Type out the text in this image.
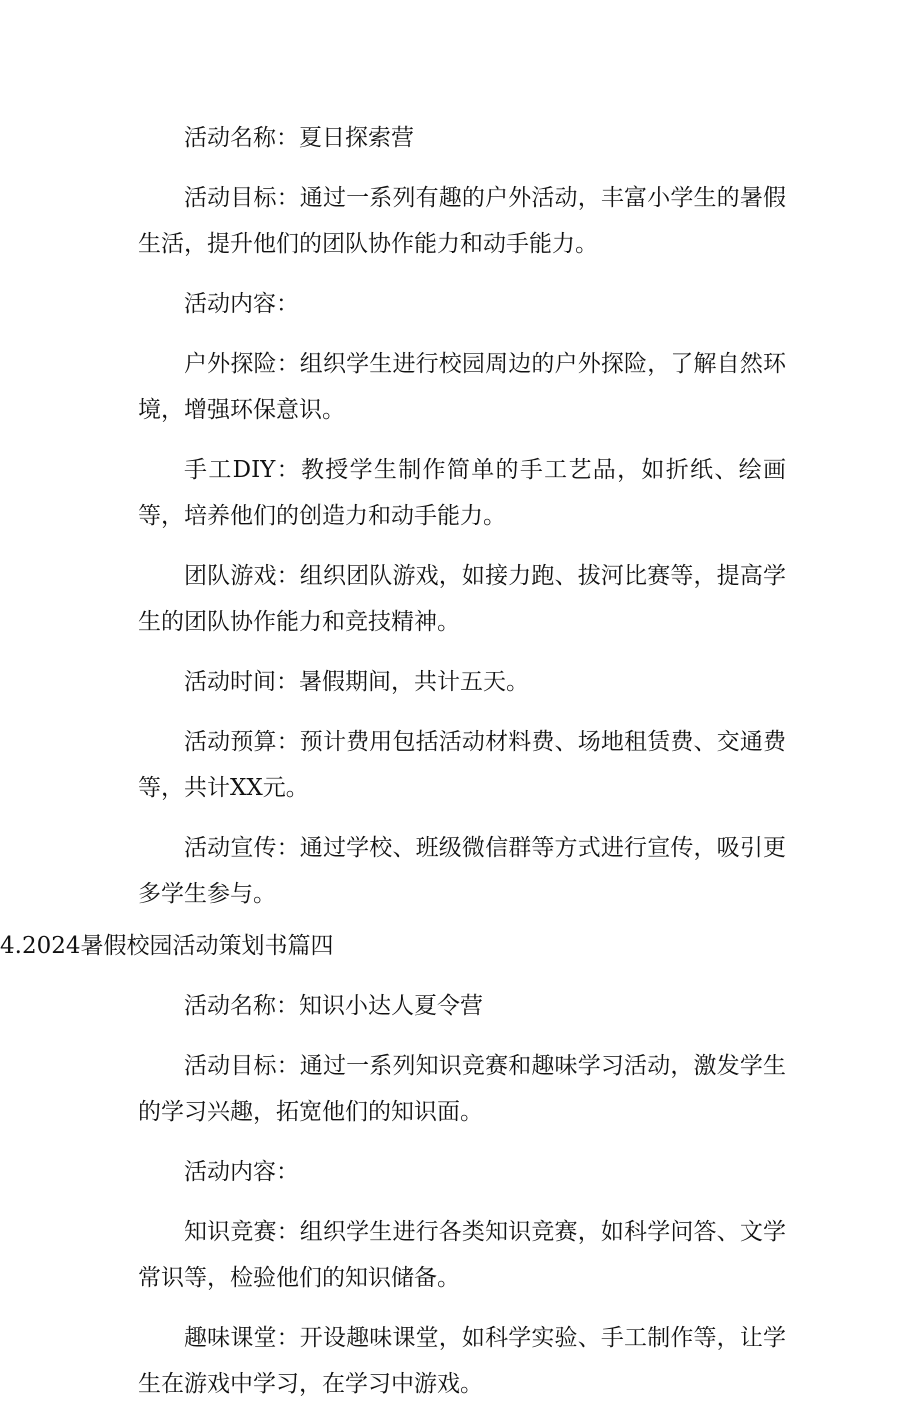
活动名称：夏日探索营

活动目标：通过一系列有趣的户外活动，丰富小学生的暑假生活，提升他们的团队协作能力和动手能力。

活动内容：

户外探险：组织学生进行校园周边的户外探险，了解自然环境，增强环保意识。

手工DIY：教授学生制作简单的手工艺品，如折纸、绘画等，培养他们的创造力和动手能力。

团队游戏：组织团队游戏，如接力跑、拔河比赛等，提高学生的团队协作能力和竞技精神。

活动时间：暑假期间，共计五天。

活动预算：预计费用包括活动材料费、场地租赁费、交通费等，共计XX元。

活动宣传：通过学校、班级微信群等方式进行宣传，吸引更多学生参与。

4.2024暑假校园活动策划书篇四

活动名称：知识小达人夏令营

活动目标：通过一系列知识竞赛和趣味学习活动，激发学生的学习兴趣，拓宽他们的知识面。

活动内容：

知识竞赛：组织学生进行各类知识竞赛，如科学问答、文学常识等，检验他们的知识储备。

趣味课堂：开设趣味课堂，如科学实验、手工制作等，让学生在游戏中学习，在学习中游戏。
